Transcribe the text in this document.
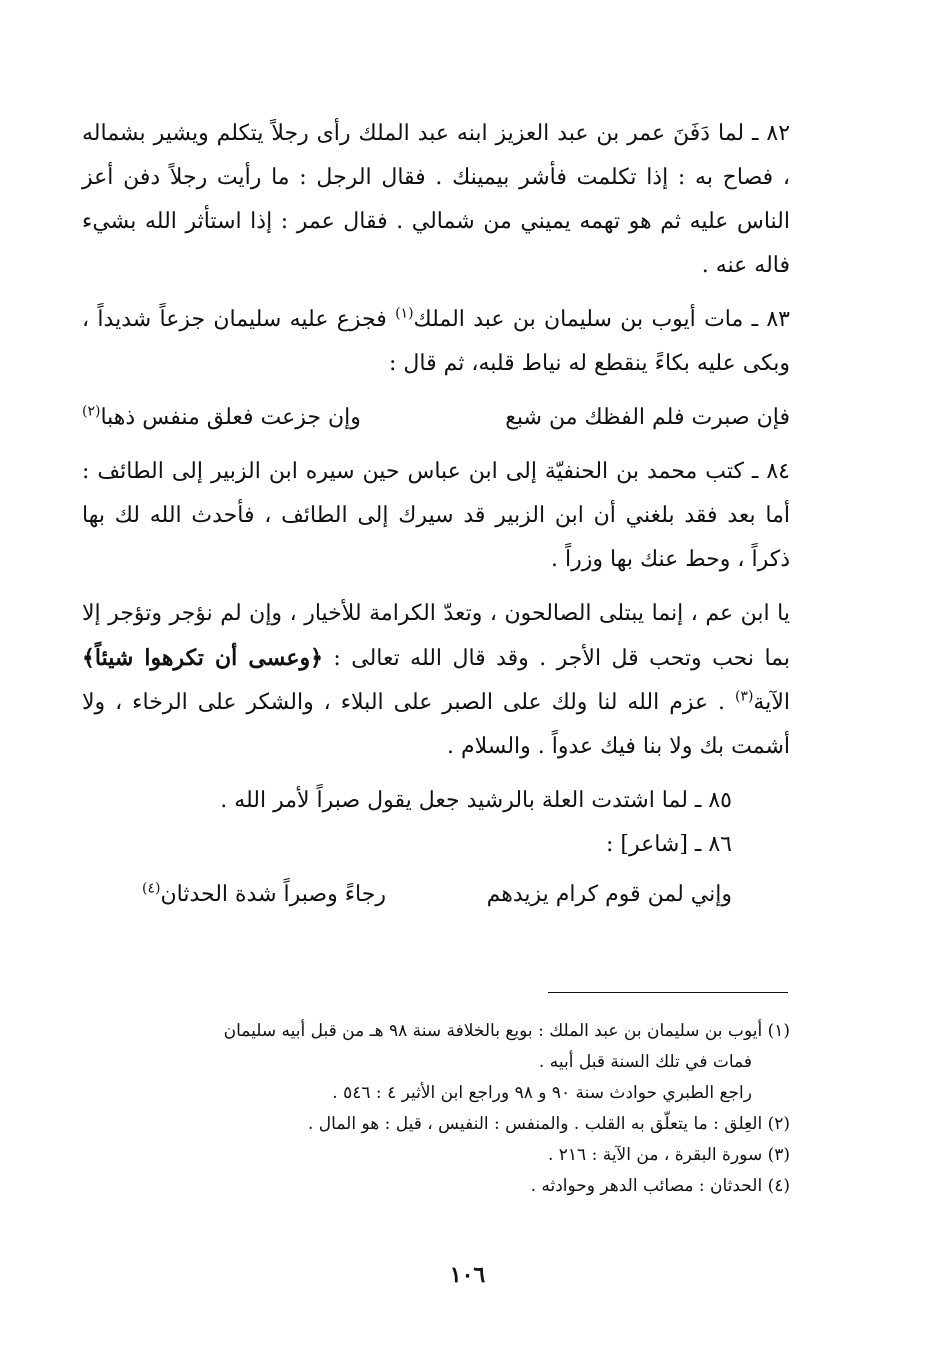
٨٢ ـ لما دَفَنَ عمر بن عبد العزيز ابنه عبد الملك رأى رجلاً يتكلم ويشير بشماله ، فصاح به : إذا تكلمت فأشر بيمينك . فقال الرجل : ما رأيت رجلاً دفن أعز الناس عليه ثم هو تهمه يميني من شمالي . فقال عمر : إذا استأثر الله بشيء فاله عنه .

٨٣ ـ مات أيوب بن سليمان بن عبد الملك$^{(١)}$ فجزع عليه سليمان جزعاً شديداً ، وبكى عليه بكاءً ينقطع له نياط قلبه، ثم قال :

فإن صبرت فلم الفظك من شبع
وإن جزعت فعلق منفس ذهبا$^{(٢)}$

٨٤ ـ كتب محمد بن الحنفيّة إلى ابن عباس حين سيره ابن الزبير إلى الطائف : أما بعد فقد بلغني أن ابن الزبير قد سيرك إلى الطائف ، فأحدث الله لك بها ذكراً ، وحط عنك بها وزراً .

يا ابن عم ، إنما يبتلى الصالحون ، وتعدّ الكرامة للأخيار ، وإن لم نؤجر وتؤجر إلا بما نحب وتحب قل الأجر . وقد قال الله تعالى : ﴿وعسى أن تكرهوا شيئاً﴾ الآية$^{(٣)}$ . عزم الله لنا ولك على الصبر على البلاء ، والشكر على الرخاء ، ولا أشمت بك ولا بنا فيك عدواً . والسلام .

٨٥ ـ لما اشتدت العلة بالرشيد جعل يقول صبراً لأمر الله .

٨٦ ـ [شاعر] :

وإني لمن قوم كرام يزيدهم
رجاءً وصبراً شدة الحدثان$^{(٤)}$

(١) أيوب بن سليمان بن عبد الملك : بويع بالخلافة سنة ٩٨ هـ من قبل أبيه سليمان

فمات في تلك السنة قبل أبيه .

راجع الطبري حوادث سنة ٩٠ و ٩٨ وراجع ابن الأثير ٤ : ٥٤٦ .

(٢) العِلق : ما يتعلّق به القلب . والمنفس : النفيس ، قيل : هو المال .

(٣) سورة البقرة ، من الآية : ٢١٦ .

(٤) الحدثان : مصائب الدهر وحوادثه .

١٠٦
